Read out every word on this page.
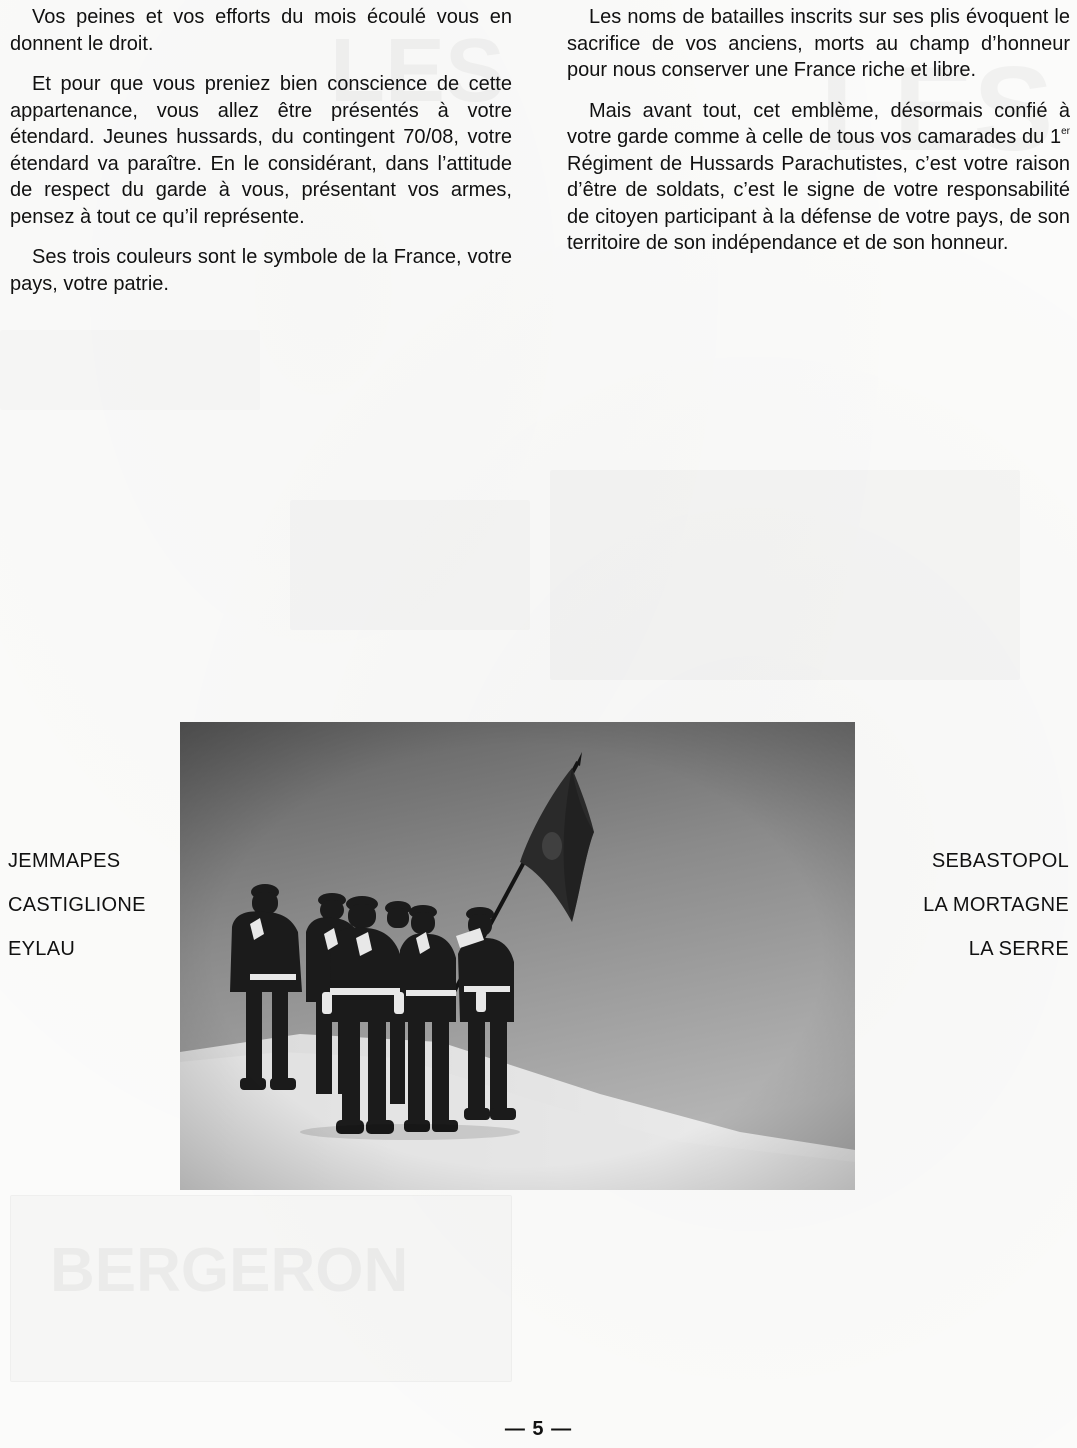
Vos peines et vos efforts du mois écoulé vous en donnent le droit.

Et pour que vous preniez bien conscience de cette appartenance, vous allez être présentés à votre étendard. Jeunes hussards, du contingent 70/08, votre étendard va paraître. En le considérant, dans l’attitude de respect du garde à vous, présentant vos armes, pensez à tout ce qu’il représente.

Ses trois couleurs sont le symbole de la France, votre pays, votre patrie.

Les noms de batailles inscrits sur ses plis évoquent le sacrifice de vos anciens, morts au champ d’honneur pour nous conserver une France riche et libre.

Mais avant tout, cet emblème, désormais confié à votre garde comme à celle de tous vos camarades du 1er Régiment de Hussards Parachutistes, c’est votre raison d’être de soldats, c’est le signe de votre responsabilité de citoyen participant à la défense de votre pays, de son territoire de son indépendance et de son honneur.

JEMMAPES
CASTIGLIONE
EYLAU
SEBASTOPOL
LA MORTAGNE
LA SERRE
— 5 —
